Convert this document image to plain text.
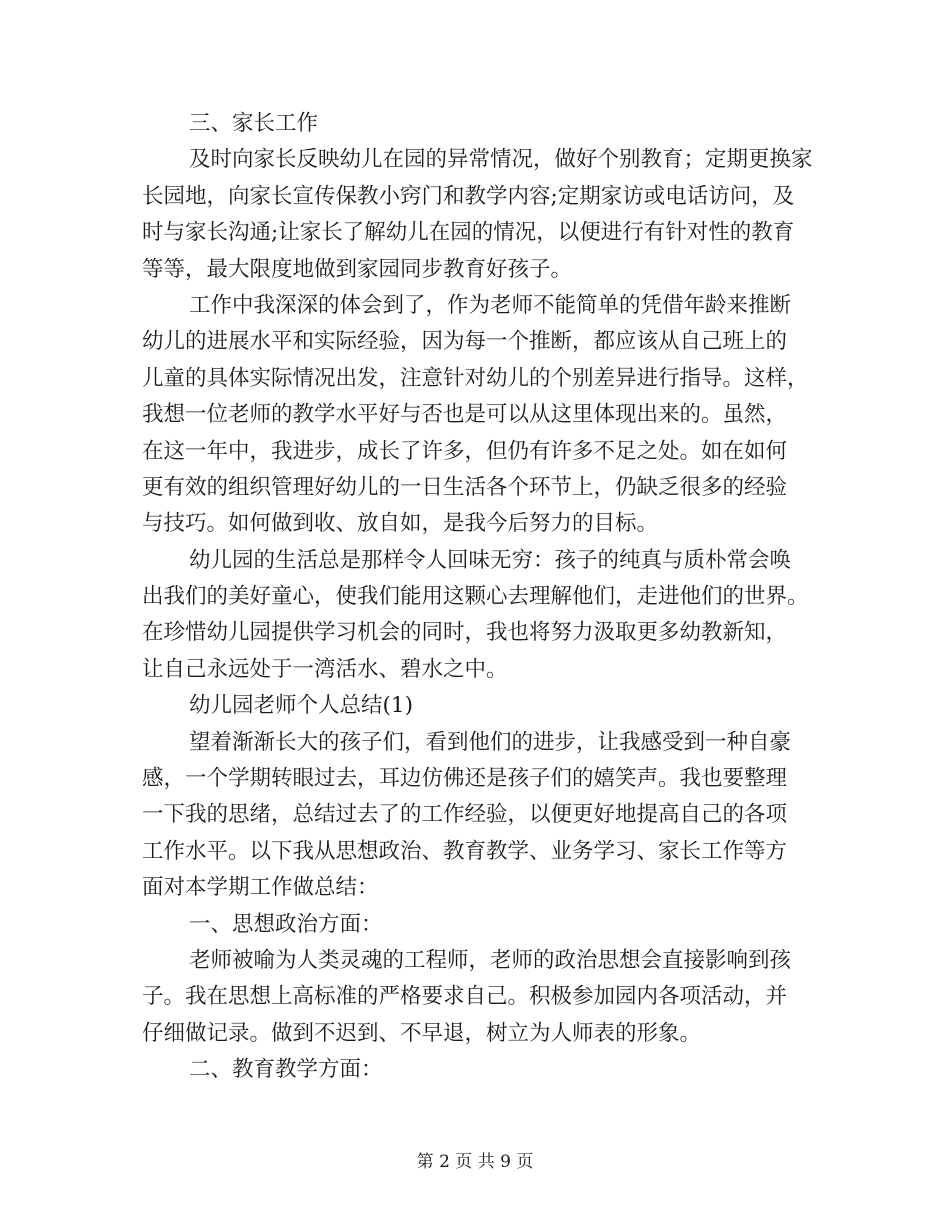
三、家长工作
及时向家长反映幼儿在园的异常情况，做好个别教育；定期更换家
长园地，向家长宣传保教小窍门和教学内容;定期家访或电话访问，及
时与家长沟通;让家长了解幼儿在园的情况，以便进行有针对性的教育
等等，最大限度地做到家园同步教育好孩子。
工作中我深深的体会到了，作为老师不能简单的凭借年龄来推断
幼儿的进展水平和实际经验，因为每一个推断，都应该从自己班上的
儿童的具体实际情况出发，注意针对幼儿的个别差异进行指导。这样，
我想一位老师的教学水平好与否也是可以从这里体现出来的。虽然，
在这一年中，我进步，成长了许多，但仍有许多不足之处。如在如何
更有效的组织管理好幼儿的一日生活各个环节上，仍缺乏很多的经验
与技巧。如何做到收、放自如，是我今后努力的目标。
幼儿园的生活总是那样令人回味无穷：孩子的纯真与质朴常会唤
出我们的美好童心，使我们能用这颗心去理解他们，走进他们的世界。
在珍惜幼儿园提供学习机会的同时，我也将努力汲取更多幼教新知，
让自己永远处于一湾活水、碧水之中。
幼儿园老师个人总结(1)
望着渐渐长大的孩子们，看到他们的进步，让我感受到一种自豪
感，一个学期转眼过去，耳边仿佛还是孩子们的嬉笑声。我也要整理
一下我的思绪，总结过去了的工作经验，以便更好地提高自己的各项
工作水平。以下我从思想政治、教育教学、业务学习、家长工作等方
面对本学期工作做总结：
一、思想政治方面：
老师被喻为人类灵魂的工程师，老师的政治思想会直接影响到孩
子。我在思想上高标准的严格要求自己。积极参加园内各项活动，并
仔细做记录。做到不迟到、不早退，树立为人师表的形象。
二、教育教学方面：
第 2 页 共 9 页
